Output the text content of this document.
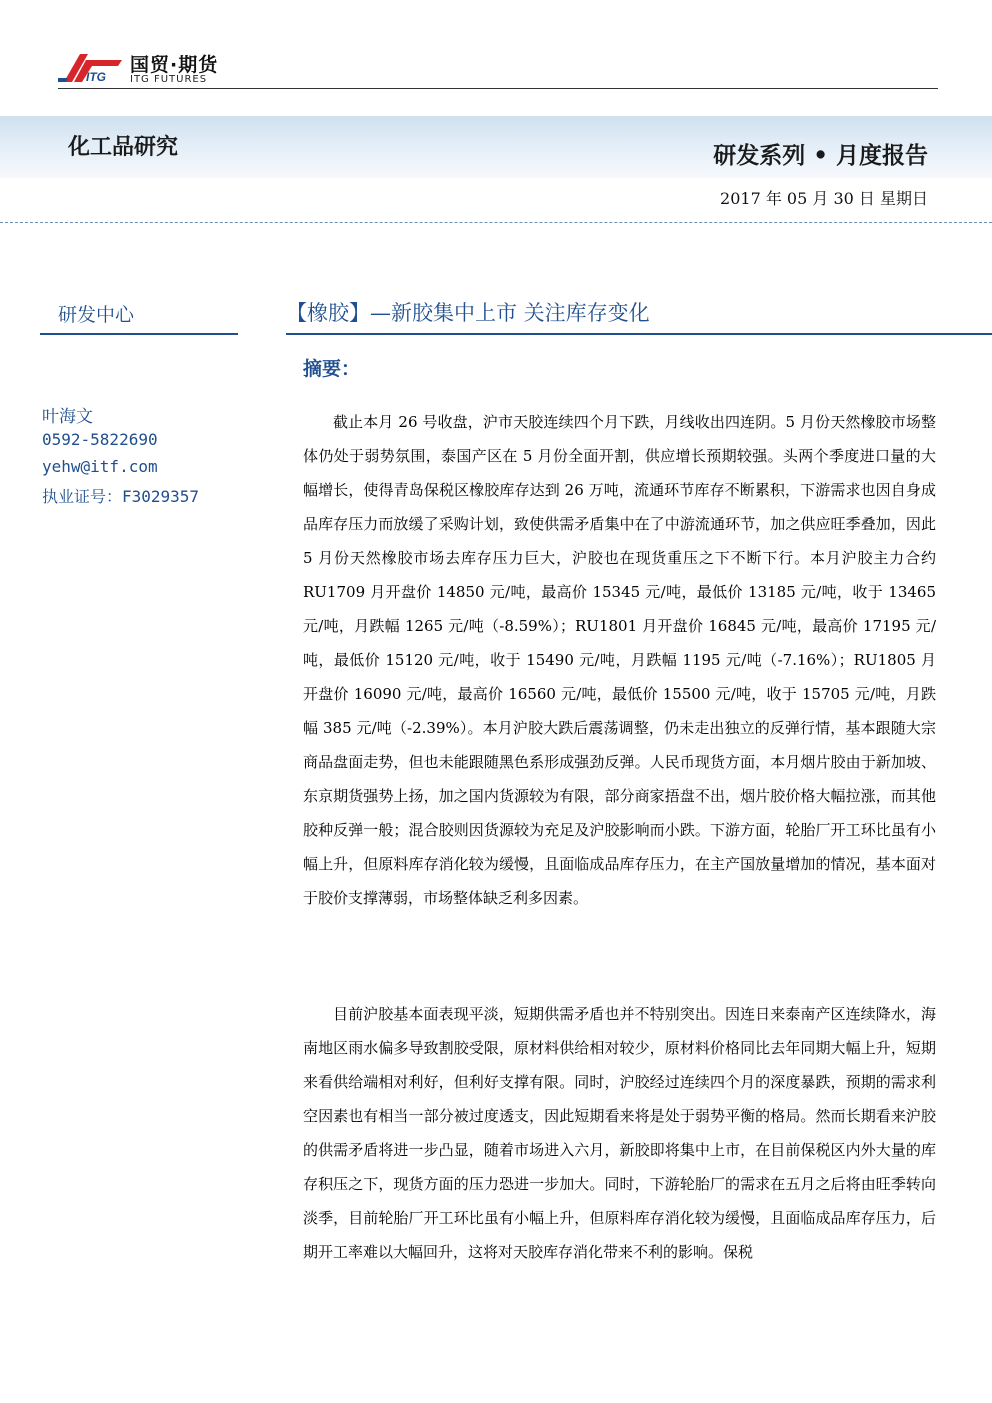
ITG
国贸·期货
ITG FUTURES
化工品研究	研发系列 • 月度报告
2017 年 05 月 30 日 星期日
研发中心
叶海文
0592-5822690
yehw@itf.com
执业证号：F3029357
【橡胶】—新胶集中上市 关注库存变化
摘要：

截止本月 26 号收盘，沪市天胶连续四个月下跌，月线收出四连阴。5 月份天然橡胶市场整体仍处于弱势氛围，泰国产区在 5 月份全面开割，供应增长预期较强。头两个季度进口量的大幅增长，使得青岛保税区橡胶库存达到 26 万吨，流通环节库存不断累积，下游需求也因自身成品库存压力而放缓了采购计划，致使供需矛盾集中在了中游流通环节，加之供应旺季叠加，因此 5 月份天然橡胶市场去库存压力巨大，沪胶也在现货重压之下不断下行。本月沪胶主力合约 RU1709 月开盘价 14850 元/吨，最高价 15345 元/吨，最低价 13185 元/吨，收于 13465 元/吨，月跌幅 1265 元/吨（-8.59%）；RU1801 月开盘价 16845 元/吨，最高价 17195 元/吨，最低价 15120 元/吨，收于 15490 元/吨，月跌幅 1195 元/吨（-7.16%）；RU1805 月开盘价 16090 元/吨，最高价 16560 元/吨，最低价 15500 元/吨，收于 15705 元/吨，月跌幅 385 元/吨（-2.39%）。本月沪胶大跌后震荡调整，仍未走出独立的反弹行情，基本跟随大宗商品盘面走势，但也未能跟随黑色系形成强劲反弹。人民币现货方面，本月烟片胶由于新加坡、东京期货强势上扬，加之国内货源较为有限，部分商家捂盘不出，烟片胶价格大幅拉涨，而其他胶种反弹一般；混合胶则因货源较为充足及沪胶影响而小跌。下游方面，轮胎厂开工环比虽有小幅上升，但原料库存消化较为缓慢，且面临成品库存压力，在主产国放量增加的情况，基本面对于胶价支撑薄弱，市场整体缺乏利多因素。

目前沪胶基本面表现平淡，短期供需矛盾也并不特别突出。因连日来泰南产区连续降水，海南地区雨水偏多导致割胶受限，原材料供给相对较少，原材料价格同比去年同期大幅上升，短期来看供给端相对利好，但利好支撑有限。同时，沪胶经过连续四个月的深度暴跌，预期的需求利空因素也有相当一部分被过度透支，因此短期看来将是处于弱势平衡的格局。然而长期看来沪胶的供需矛盾将进一步凸显，随着市场进入六月，新胶即将集中上市，在目前保税区内外大量的库存积压之下，现货方面的压力恐进一步加大。同时，下游轮胎厂的需求在五月之后将由旺季转向淡季，目前轮胎厂开工环比虽有小幅上升，但原料库存消化较为缓慢，且面临成品库存压力，后期开工率难以大幅回升，这将对天胶库存消化带来不利的影响。保税
